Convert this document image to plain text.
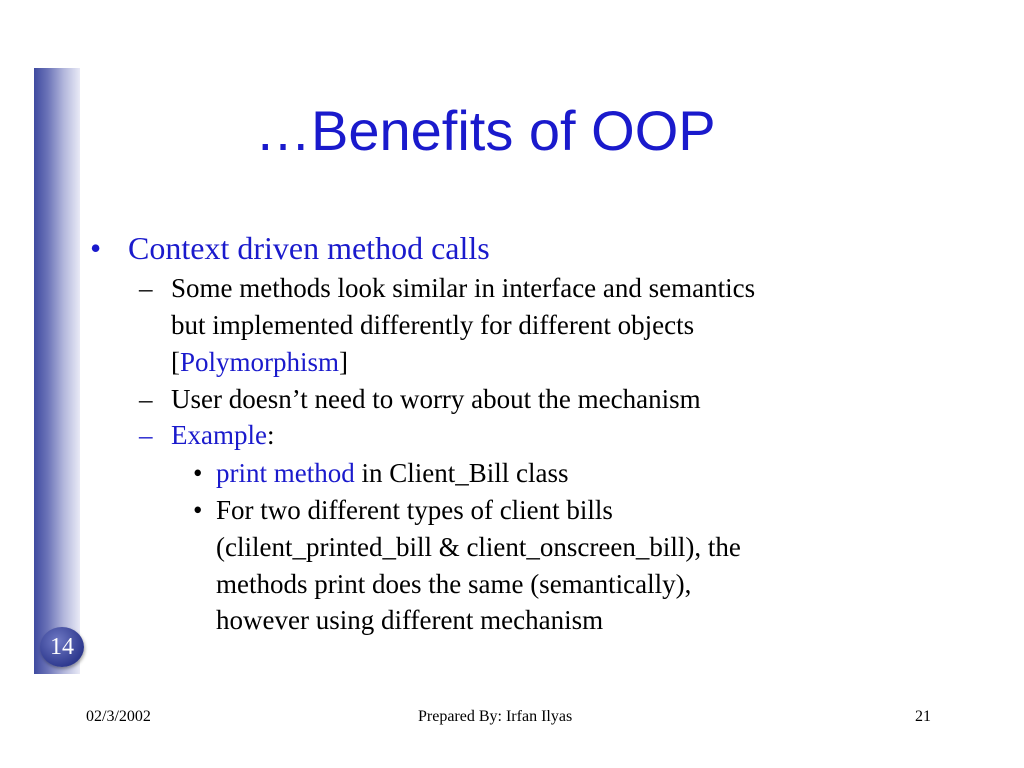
14
…Benefits of OOP
• Context driven method calls
– Some methods look similar in interface and semantics
but implemented differently for different objects
[Polymorphism]
– User doesn’t need to worry about the mechanism
– Example:
• print method in Client_Bill class
• For two different types of client bills
(clilent_printed_bill & client_onscreen_bill), the
methods print does the same (semantically),
however using different mechanism
02/3/2002	Prepared By: Irfan Ilyas	21
